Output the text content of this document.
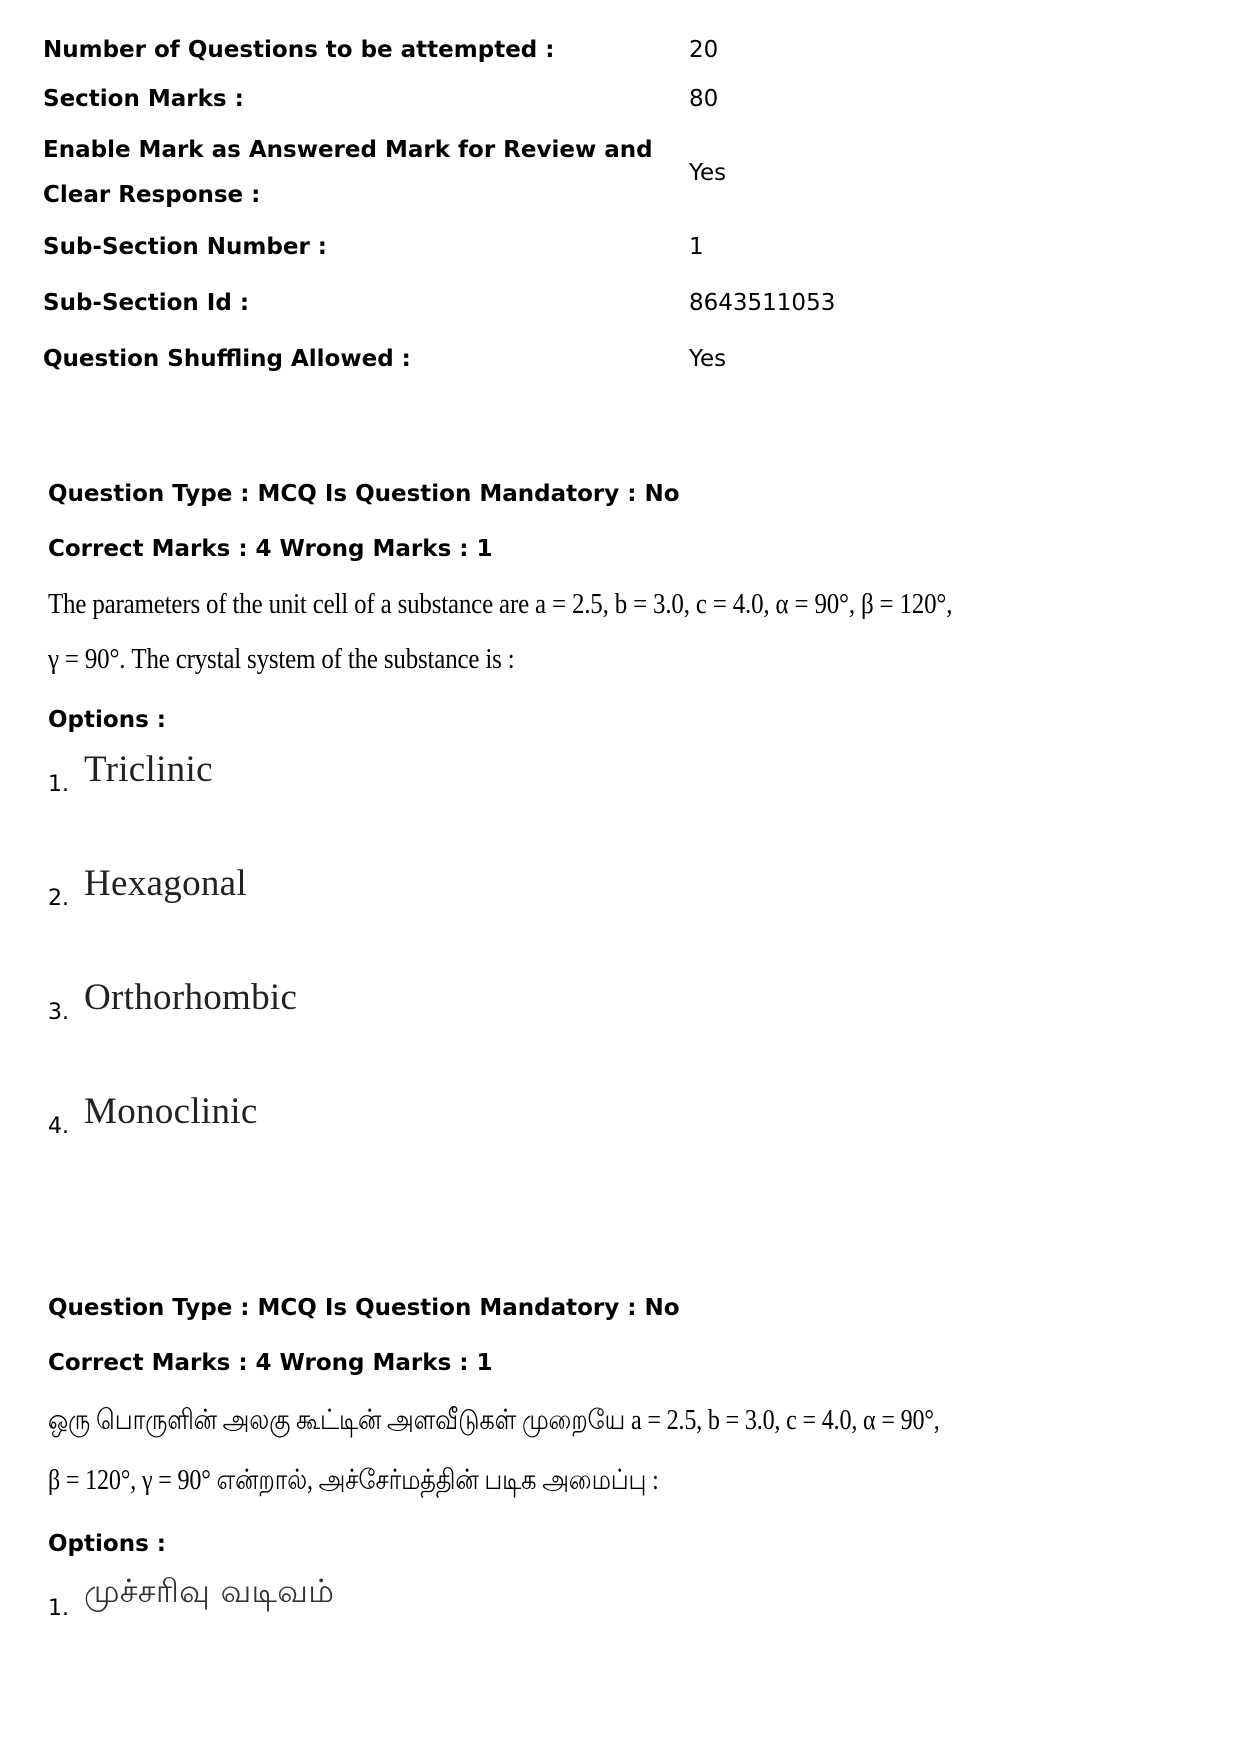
Number of Questions to be attempted :	20
Section Marks :	80
Enable Mark as Answered Mark for Review and
Clear Response :
Yes
Sub-Section Number :	1
Sub-Section Id :	8643511053
Question Shuffling Allowed :	Yes
Question Type : MCQ Is Question Mandatory : No
Correct Marks : 4 Wrong Marks : 1
The parameters of the unit cell of a substance are a = 2.5, b = 3.0, c = 4.0, α = 90°, β = 120°,
γ = 90°. The crystal system of the substance is :
Options :
1. Triclinic
2. Hexagonal
3. Orthorhombic
4. Monoclinic
Question Type : MCQ Is Question Mandatory : No
Correct Marks : 4 Wrong Marks : 1
ஒரு பொருளின் அலகு கூட்டின் அளவீடுகள் முறையே a = 2.5, b = 3.0, c = 4.0, α = 90°,
β = 120°, γ = 90° என்றால், அச்சேர்மத்தின் படிக அமைப்பு :
Options :
1. முச்சரிவு வடிவம்
